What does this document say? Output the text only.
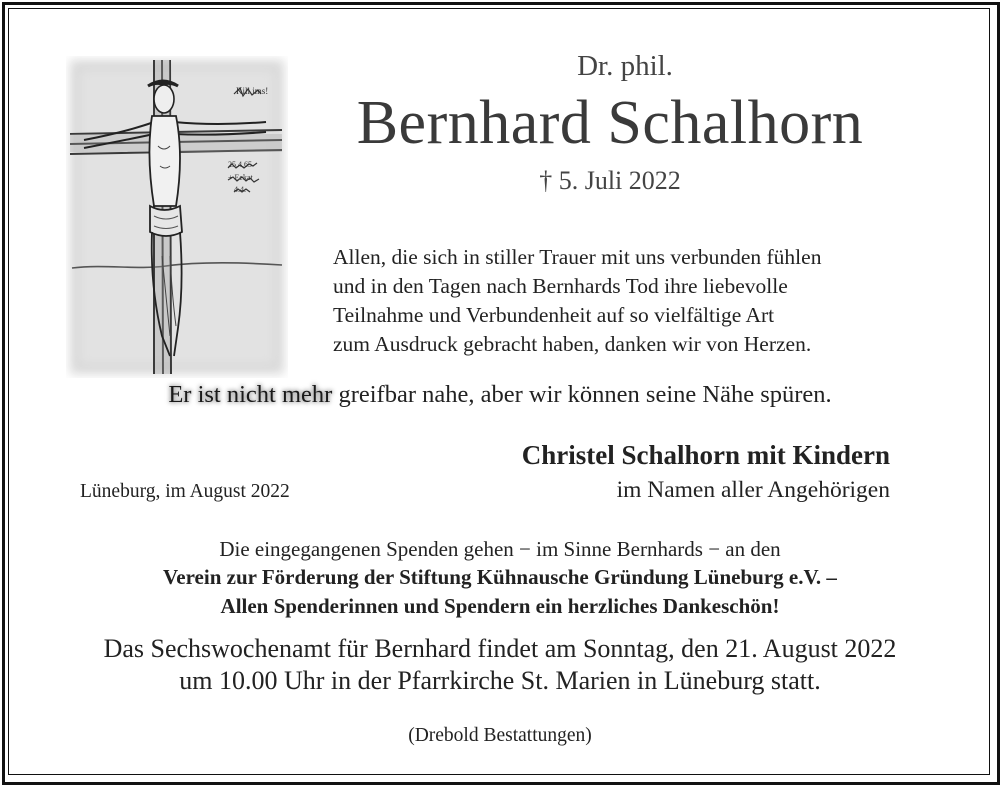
Kill ims!
25.4.65
+ Eekat
4.4.
Dr. phil.
Bernhard Schalhorn
† 5. Juli 2022
Allen, die sich in stiller Trauer mit uns verbunden fühlen
und in den Tagen nach Bernhards Tod ihre liebevolle
Teilnahme und Verbundenheit auf so vielfältige Art
zum Ausdruck gebracht haben, danken wir von Herzen.
Er ist nicht mehr greifbar nahe, aber wir können seine Nähe spüren.
Christel Schalhorn mit Kindern
Lüneburg, im August 2022	im Namen aller Angehörigen
Die eingegangenen Spenden gehen − im Sinne Bernhards − an den
Verein zur Förderung der Stiftung Kühnausche Gründung Lüneburg e.V. –
Allen Spenderinnen und Spendern ein herzliches Dankeschön!
Das Sechswochenamt für Bernhard findet am Sonntag, den 21. August 2022
um 10.00 Uhr in der Pfarrkirche St. Marien in Lüneburg statt.
(Drebold Bestattungen)
